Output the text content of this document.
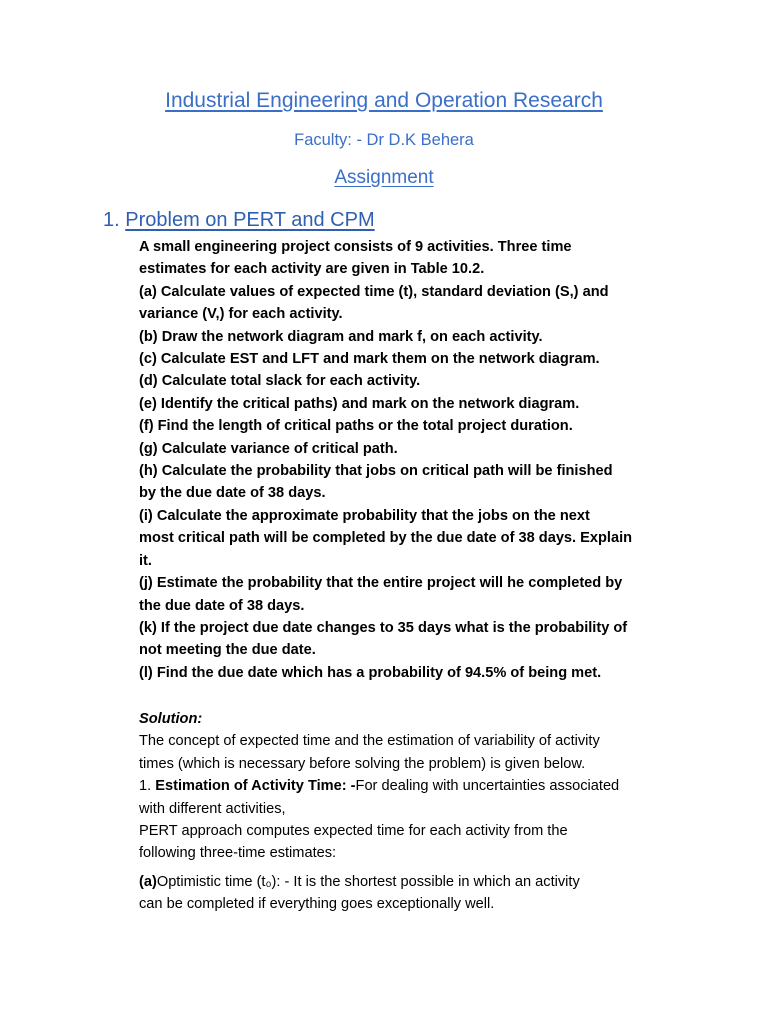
Industrial Engineering and Operation Research
Faculty: - Dr D.K Behera
Assignment
1. Problem on PERT and CPM
A small engineering project consists of 9 activities. Three time
estimates for each activity are given in Table 10.2.
(a) Calculate values of expected time (t), standard deviation (S,) and
variance (V,) for each activity.
(b) Draw the network diagram and mark f, on each activity.
(c) Calculate EST and LFT and mark them on the network diagram.
(d) Calculate total slack for each activity.
(e) Identify the critical paths) and mark on the network diagram.
(f) Find the length of critical paths or the total project duration.
(g) Calculate variance of critical path.
(h) Calculate the probability that jobs on critical path will be finished
by the due date of 38 days.
(i) Calculate the approximate probability that the jobs on the next
most critical path will be completed by the due date of 38 days. Explain
it.
(j) Estimate the probability that the entire project will he completed by
the due date of 38 days.
(k) If the project due date changes to 35 days what is the probability of
not meeting the due date.
(l) Find the due date which has a probability of 94.5% of being met.
Solution:
The concept of expected time and the estimation of variability of activity
times (which is necessary before solving the problem) is given below.
1. Estimation of Activity Time: -For dealing with uncertainties associated
with different activities,
PERT approach computes expected time for each activity from the
following three-time estimates:
(a)Optimistic time (t₀): - It is the shortest possible in which an activity
can be completed if everything goes exceptionally well.
